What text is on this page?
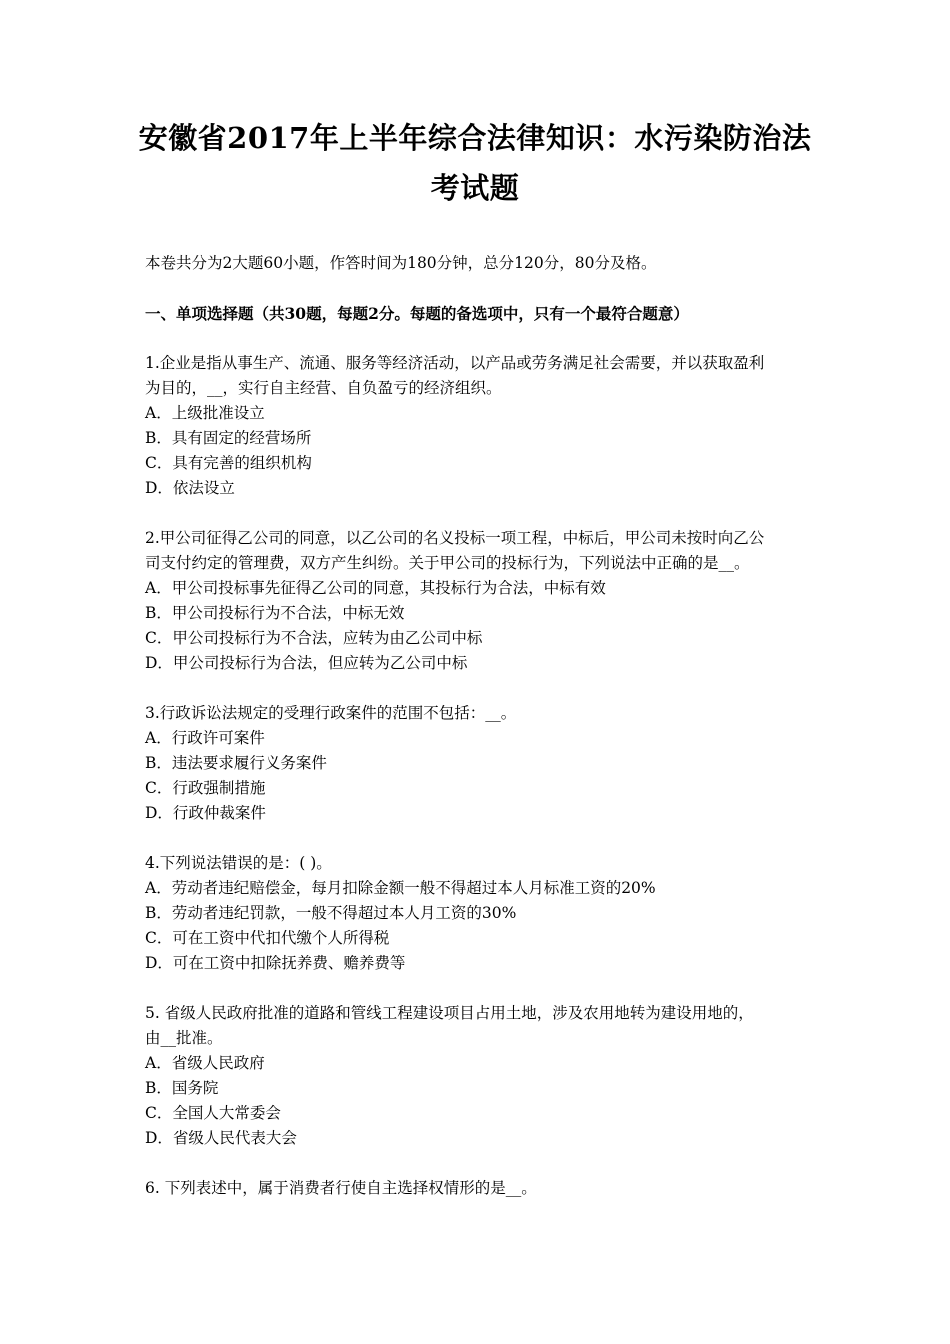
安徽省2017年上半年综合法律知识：水污染防治法
考试题
本卷共分为2大题60小题，作答时间为180分钟，总分120分，80分及格。
一、单项选择题（共30题，每题2分。每题的备选项中，只有一个最符合题意）
1.企业是指从事生产、流通、服务等经济活动，以产品或劳务满足社会需要，并以获取盈利
为目的，__，实行自主经营、自负盈亏的经济组织。
A．上级批准设立
B．具有固定的经营场所
C．具有完善的组织机构
D．依法设立
2.甲公司征得乙公司的同意，以乙公司的名义投标一项工程，中标后，甲公司未按时向乙公
司支付约定的管理费，双方产生纠纷。关于甲公司的投标行为，下列说法中正确的是__。
A．甲公司投标事先征得乙公司的同意，其投标行为合法，中标有效
B．甲公司投标行为不合法，中标无效
C．甲公司投标行为不合法，应转为由乙公司中标
D．甲公司投标行为合法，但应转为乙公司中标
3.行政诉讼法规定的受理行政案件的范围不包括：__。
A．行政许可案件
B．违法要求履行义务案件
C．行政强制措施
D．行政仲裁案件
4.下列说法错误的是：( )。
A．劳动者违纪赔偿金，每月扣除金额一般不得超过本人月标准工资的20%
B．劳动者违纪罚款，一般不得超过本人月工资的30%
C．可在工资中代扣代缴个人所得税
D．可在工资中扣除抚养费、赡养费等
5. 省级人民政府批准的道路和管线工程建设项目占用土地，涉及农用地转为建设用地的，
由__批准。
A．省级人民政府
B．国务院
C．全国人大常委会
D．省级人民代表大会
6. 下列表述中，属于消费者行使自主选择权情形的是__。
